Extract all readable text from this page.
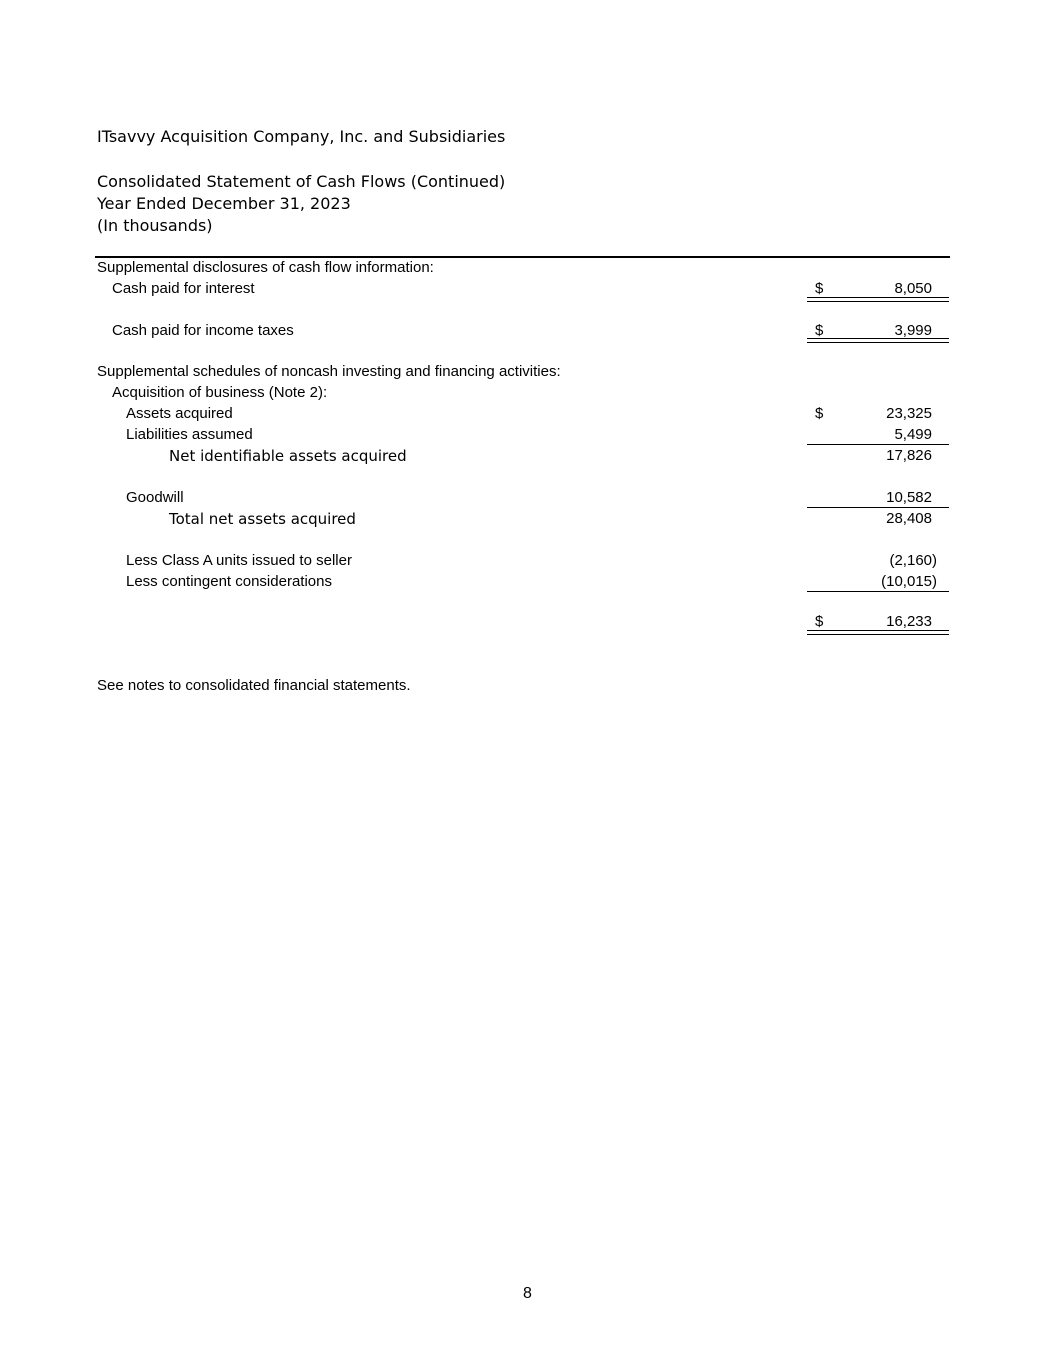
ITsavvy Acquisition Company, Inc. and Subsidiaries
Consolidated Statement of Cash Flows (Continued)
Year Ended December 31, 2023
(In thousands)
Supplemental disclosures of cash flow information:
Cash paid for interest	$	8,050
Cash paid for income taxes	$	3,999
Supplemental schedules of noncash investing and financing activities:
Acquisition of business (Note 2):
Assets acquired	$	23,325
Liabilities assumed	5,499
Net identifiable assets acquired	17,826
Goodwill	10,582
Total net assets acquired	28,408
Less Class A units issued to seller	(2,160)
Less contingent considerations	(10,015)
$	16,233
See notes to consolidated financial statements.
8
